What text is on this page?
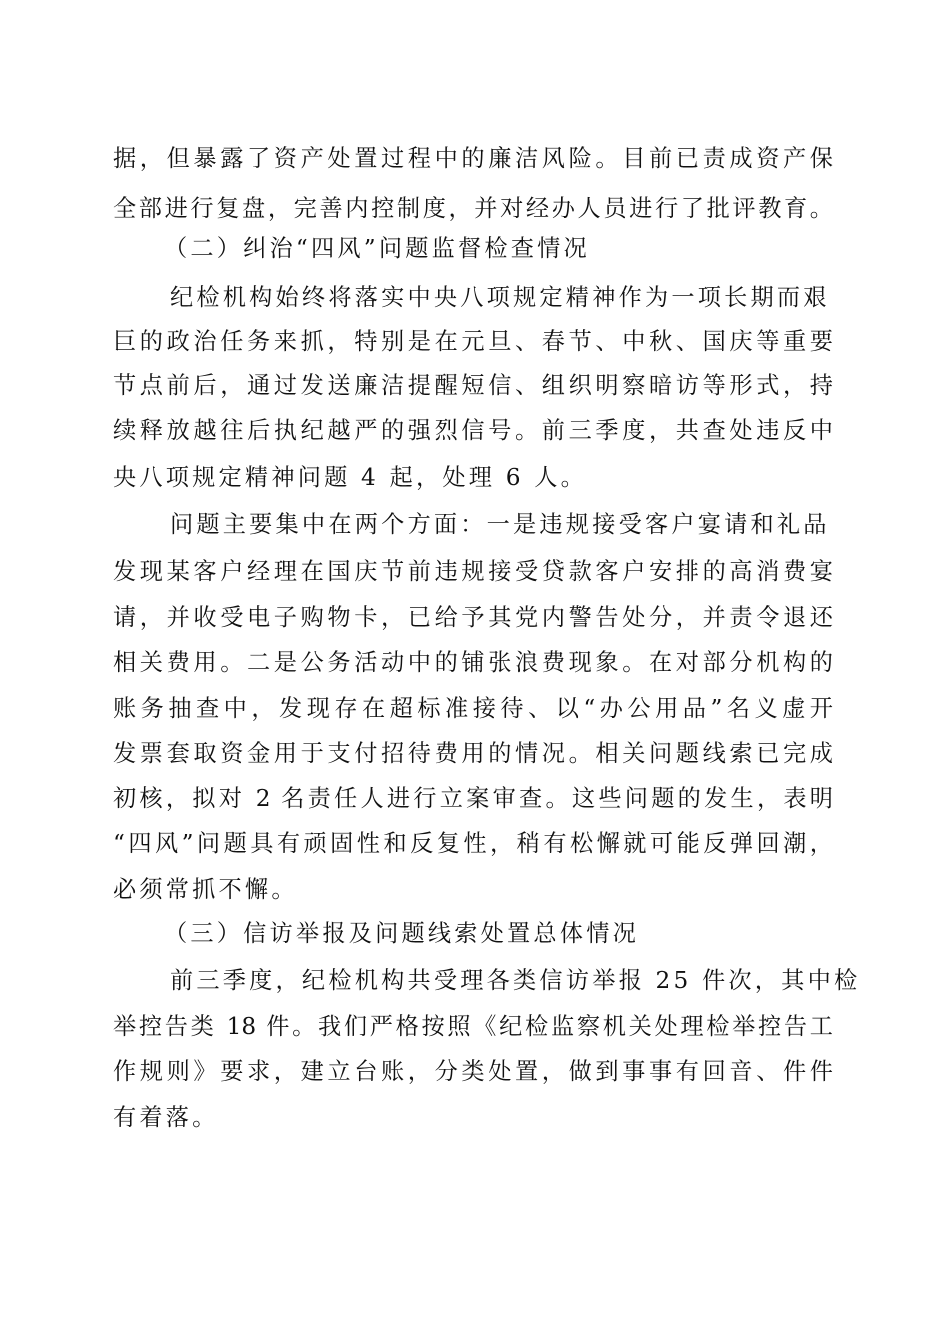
据，但暴露了资产处置过程中的廉洁风险。目前已责成资产保
全部进行复盘，完善内控制度，并对经办人员进行了批评教育。
（二）纠治“四风”问题监督检查情况
纪检机构始终将落实中央八项规定精神作为一项长期而艰
巨的政治任务来抓，特别是在元旦、春节、中秋、国庆等重要
节点前后，通过发送廉洁提醒短信、组织明察暗访等形式，持
续释放越往后执纪越严的强烈信号。前三季度，共查处违反中
央八项规定精神问题 4 起，处理 6 人。
问题主要集中在两个方面：一是违规接受客户宴请和礼品
发现某客户经理在国庆节前违规接受贷款客户安排的高消费宴
请，并收受电子购物卡，已给予其党内警告处分，并责令退还
相关费用。二是公务活动中的铺张浪费现象。在对部分机构的
账务抽查中，发现存在超标准接待、以“办公用品”名义虚开
发票套取资金用于支付招待费用的情况。相关问题线索已完成
初核，拟对 2 名责任人进行立案审查。这些问题的发生，表明
“四风”问题具有顽固性和反复性，稍有松懈就可能反弹回潮，
必须常抓不懈。
（三）信访举报及问题线索处置总体情况
前三季度，纪检机构共受理各类信访举报 25 件次，其中检
举控告类 18 件。我们严格按照《纪检监察机关处理检举控告工
作规则》要求，建立台账，分类处置，做到事事有回音、件件
有着落。
